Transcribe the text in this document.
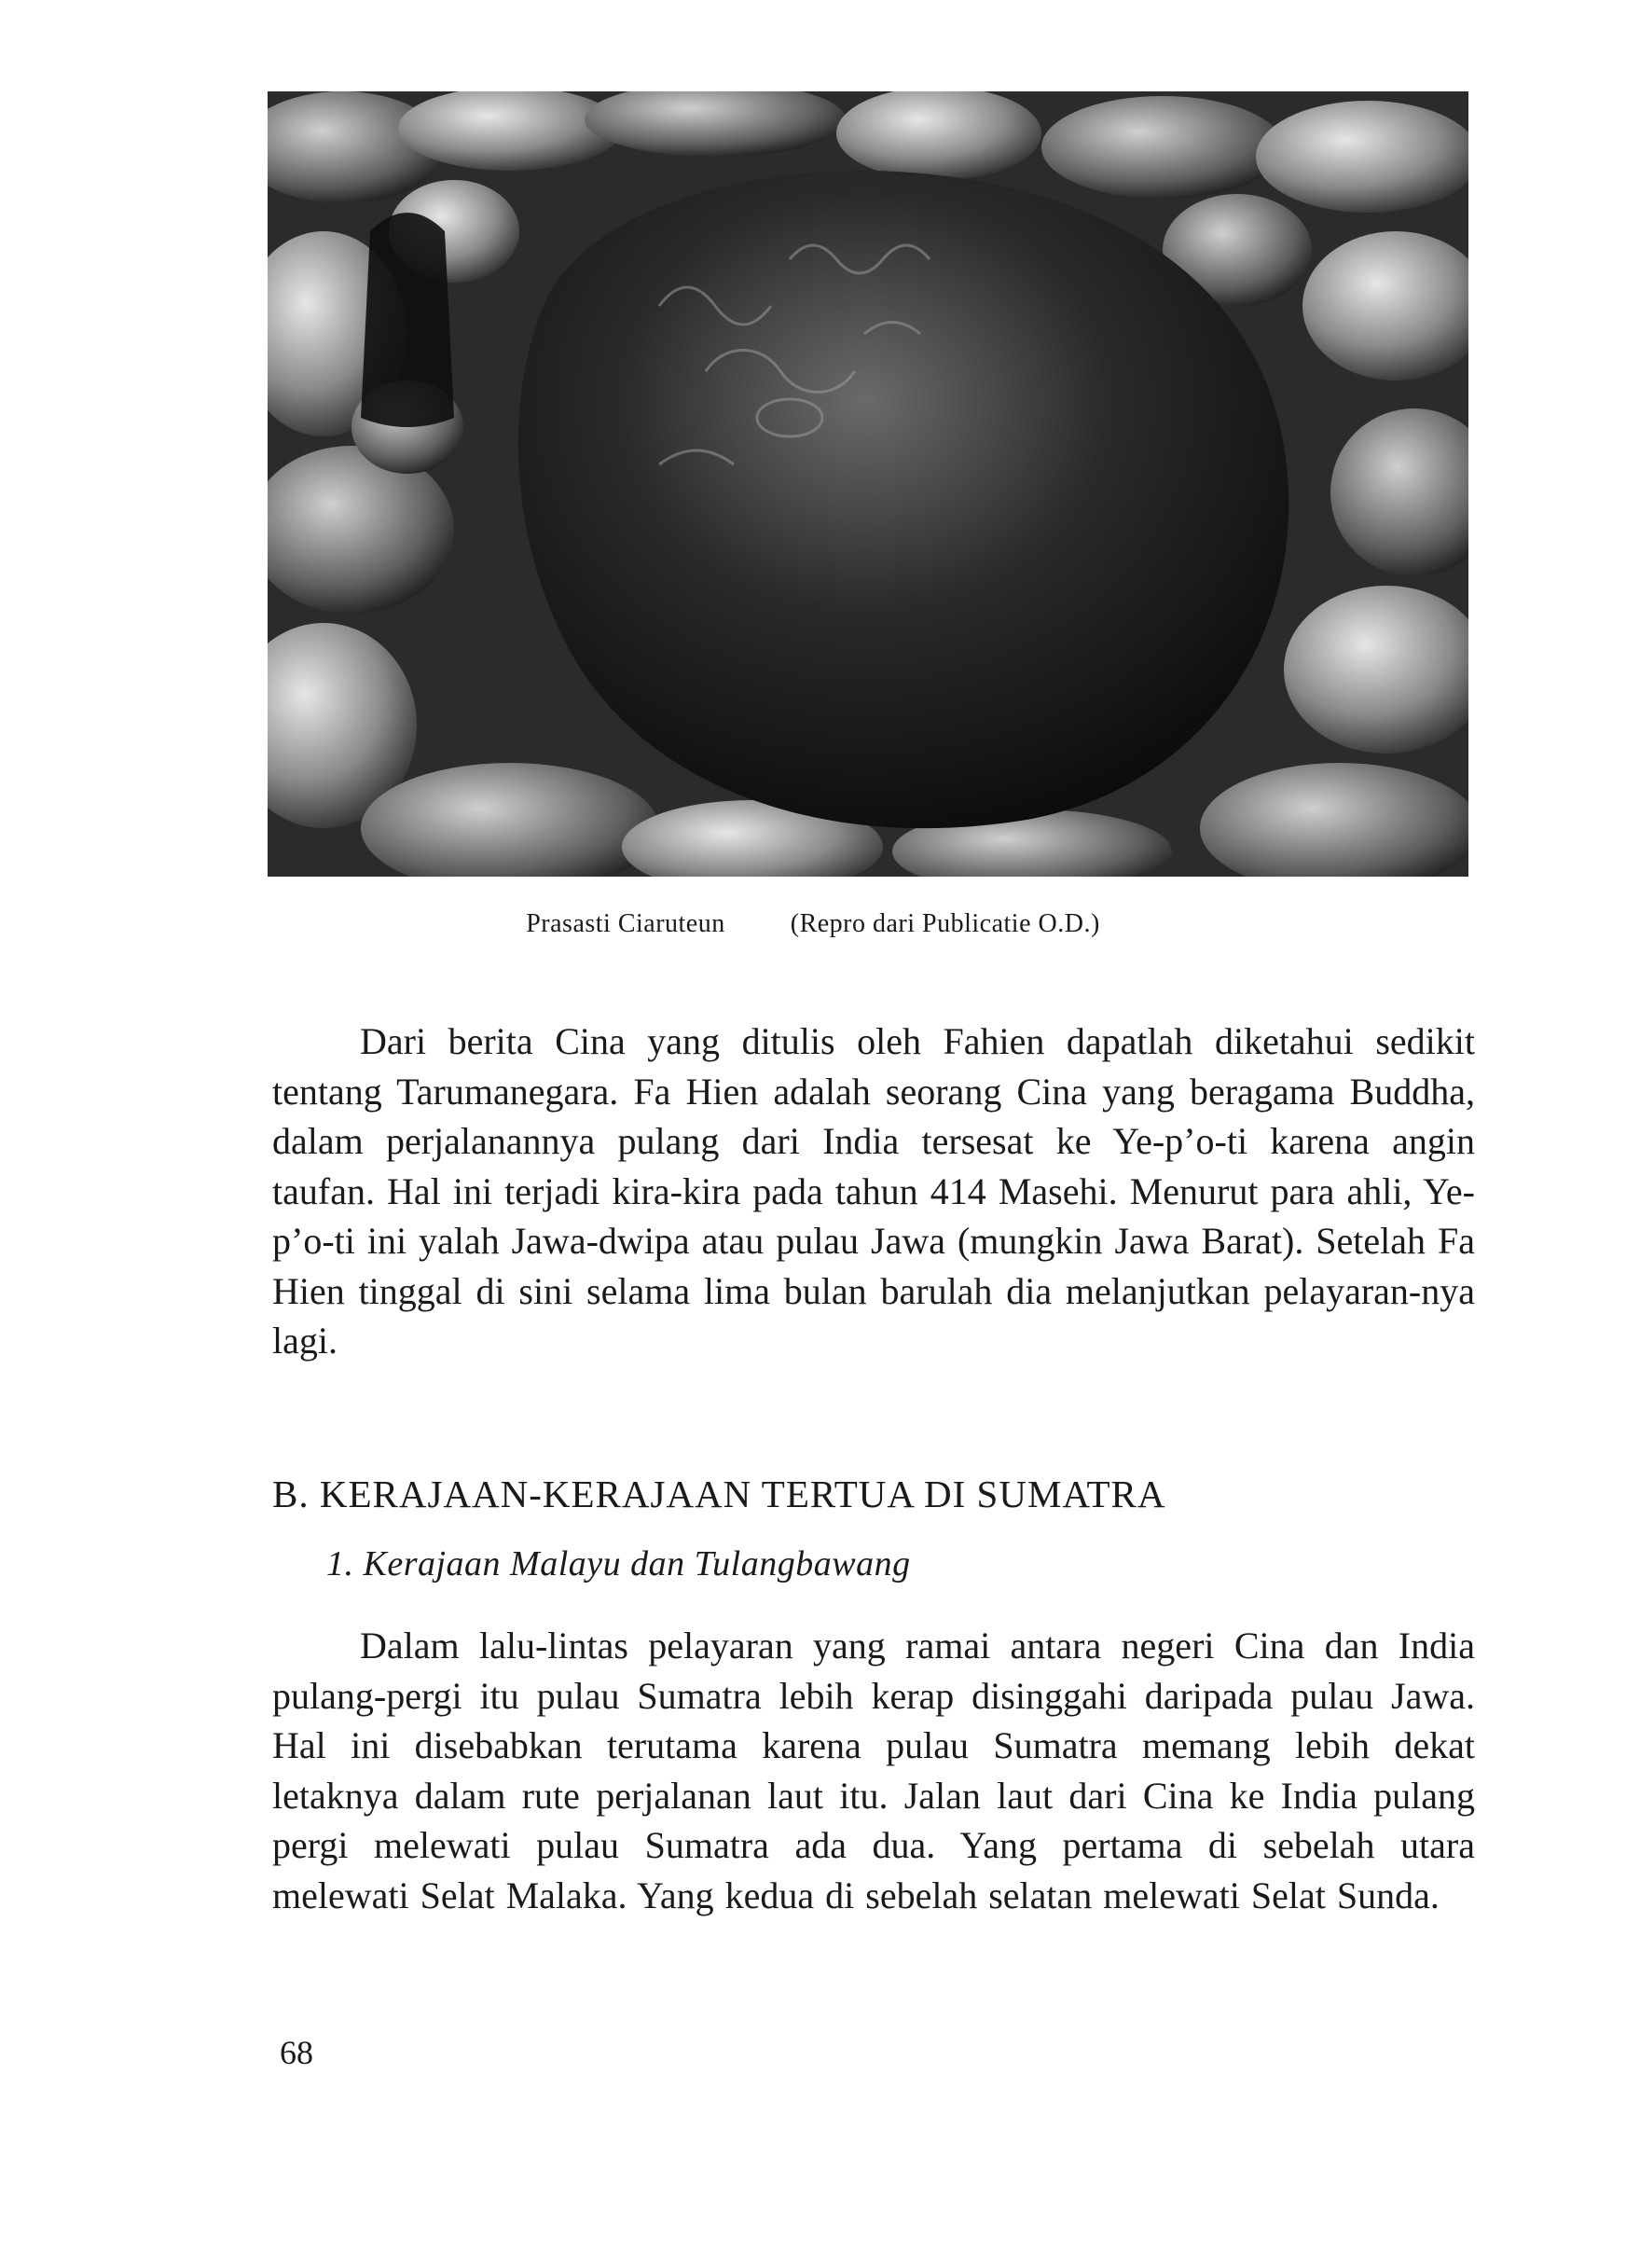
Prasasti Ciaruteun	(Repro dari Publicatie O.D.)

Dari berita Cina yang ditulis oleh Fahien dapatlah diketahui sedikit tentang Tarumanegara. Fa Hien adalah seorang Cina yang beragama Buddha, dalam perjalanannya pulang dari India tersesat ke Ye-p’o-ti karena angin taufan. Hal ini terjadi kira-kira pada tahun 414 Masehi. Menurut para ahli, Ye-p’o-ti ini yalah Jawa-dwipa atau pulau Jawa (mungkin Jawa Barat). Setelah Fa Hien tinggal di sini selama lima bulan barulah dia melanjutkan pelayaran-nya lagi.

B. KERAJAAN-KERAJAAN TERTUA DI SUMATRA
1. Kerajaan Malayu dan Tulangbawang

Dalam lalu-lintas pelayaran yang ramai antara negeri Cina dan India pulang-pergi itu pulau Sumatra lebih kerap disinggahi daripada pulau Jawa. Hal ini disebabkan terutama karena pulau Sumatra memang lebih dekat letaknya dalam rute perjalanan laut itu. Jalan laut dari Cina ke India pulang pergi melewati pulau Sumatra ada dua. Yang pertama di sebelah utara melewati Selat Malaka. Yang kedua di sebelah selatan melewati Selat Sunda.

68
